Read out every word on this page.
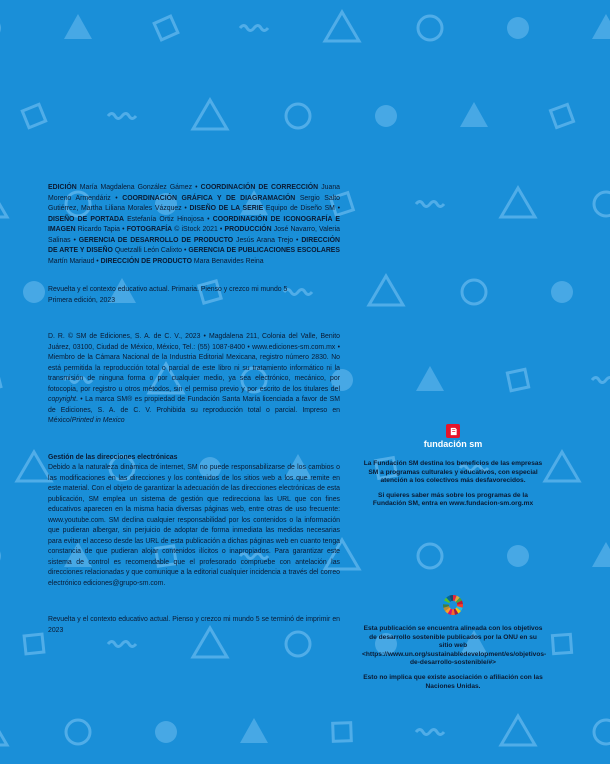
EDICIÓN María Magdalena González Gámez • COORDINACIÓN DE CORRECCIÓN Juana Moreno Armendáriz • COORDINACIÓN GRÁFICA Y DE DIAGRAMACIÓN Sergio Salto Gutiérrez, Martha Liliana Morales Vázquez • DISEÑO DE LA SERIE Equipo de Diseño SM • DISEÑO DE PORTADA Estefanía Ortiz Hinojosa • COORDINACIÓN DE ICONOGRAFÍA E IMAGEN Ricardo Tapia • FOTOGRAFÍA © iStock 2021 • PRODUCCIÓN José Navarro, Valeria Salinas • GERENCIA DE DESARROLLO DE PRODUCTO Jesús Arana Trejo • DIRECCIÓN DE ARTE Y DISEÑO Quetzalli León Calixto • GERENCIA DE PUBLICACIONES ESCOLARES Martín Mariaud • DIRECCIÓN DE PRODUCTO Mara Benavides Reina

Revuelta y el contexto educativo actual. Primaria. Pienso y crezco mi mundo 5
Primera edición, 2023

D. R. © SM de Ediciones, S. A. de C. V., 2023 • Magdalena 211, Colonia del Valle, Benito Juárez, 03100, Ciudad de México, México, Tel.: (55) 1087-8400 • www.ediciones-sm.com.mx • Miembro de la Cámara Nacional de la Industria Editorial Mexicana, registro número 2830. No está permitida la reproducción total o parcial de este libro ni su tratamiento informático ni la transmisión de ninguna forma o por cualquier medio, ya sea electrónico, mecánico, por fotocopia, por registro u otros métodos, sin el permiso previo y por escrito de los titulares del copyright. • La marca SM® es propiedad de Fundación Santa María licenciada a favor de SM de Ediciones, S. A. de C. V. Prohibida su reproducción total o parcial. Impreso en México/Printed in Mexico

Gestión de las direcciones electrónicas

Debido a la naturaleza dinámica de internet, SM no puede responsabilizarse de los cambios o las modificaciones en las direcciones y los contenidos de los sitios web a los que remite en este material. Con el objeto de garantizar la adecuación de las direcciones electrónicas de esta publicación, SM emplea un sistema de gestión que redirecciona las URL que con fines educativos aparecen en la misma hacia diversas páginas web, entre otras de uso frecuente: www.youtube.com. SM declina cualquier responsabilidad por los contenidos o la información que pudieran albergar, sin perjuicio de adoptar de forma inmediata las medidas necesarias para evitar el acceso desde las URL de esta publicación a dichas páginas web en cuanto tenga constancia de que pudieran alojar contenidos ilícitos o inapropiados. Para garantizar este sistema de control es recomendable que el profesorado compruebe con antelación las direcciones relacionadas y que comunique a la editorial cualquier incidencia a través del correo electrónico ediciones@grupo-sm.com.

Revuelta y el contexto educativo actual. Pienso y crezco mi mundo 5 se terminó de imprimir en 2023

fundación sm

La Fundación SM destina los beneficios de las empresas SM a programas culturales y educativos, con especial atención a los colectivos más desfavorecidos.

Si quieres saber más sobre los programas de la Fundación SM, entra en www.fundacion-sm.org.mx

Esta publicación se encuentra alineada con los objetivos de desarrollo sostenible publicados por la ONU en su sitio web <https://www.un.org/sustainabledevelopment/es/objetivos-de-desarrollo-sostenible/#>

Esto no implica que existe asociación o afiliación con las Naciones Unidas.
